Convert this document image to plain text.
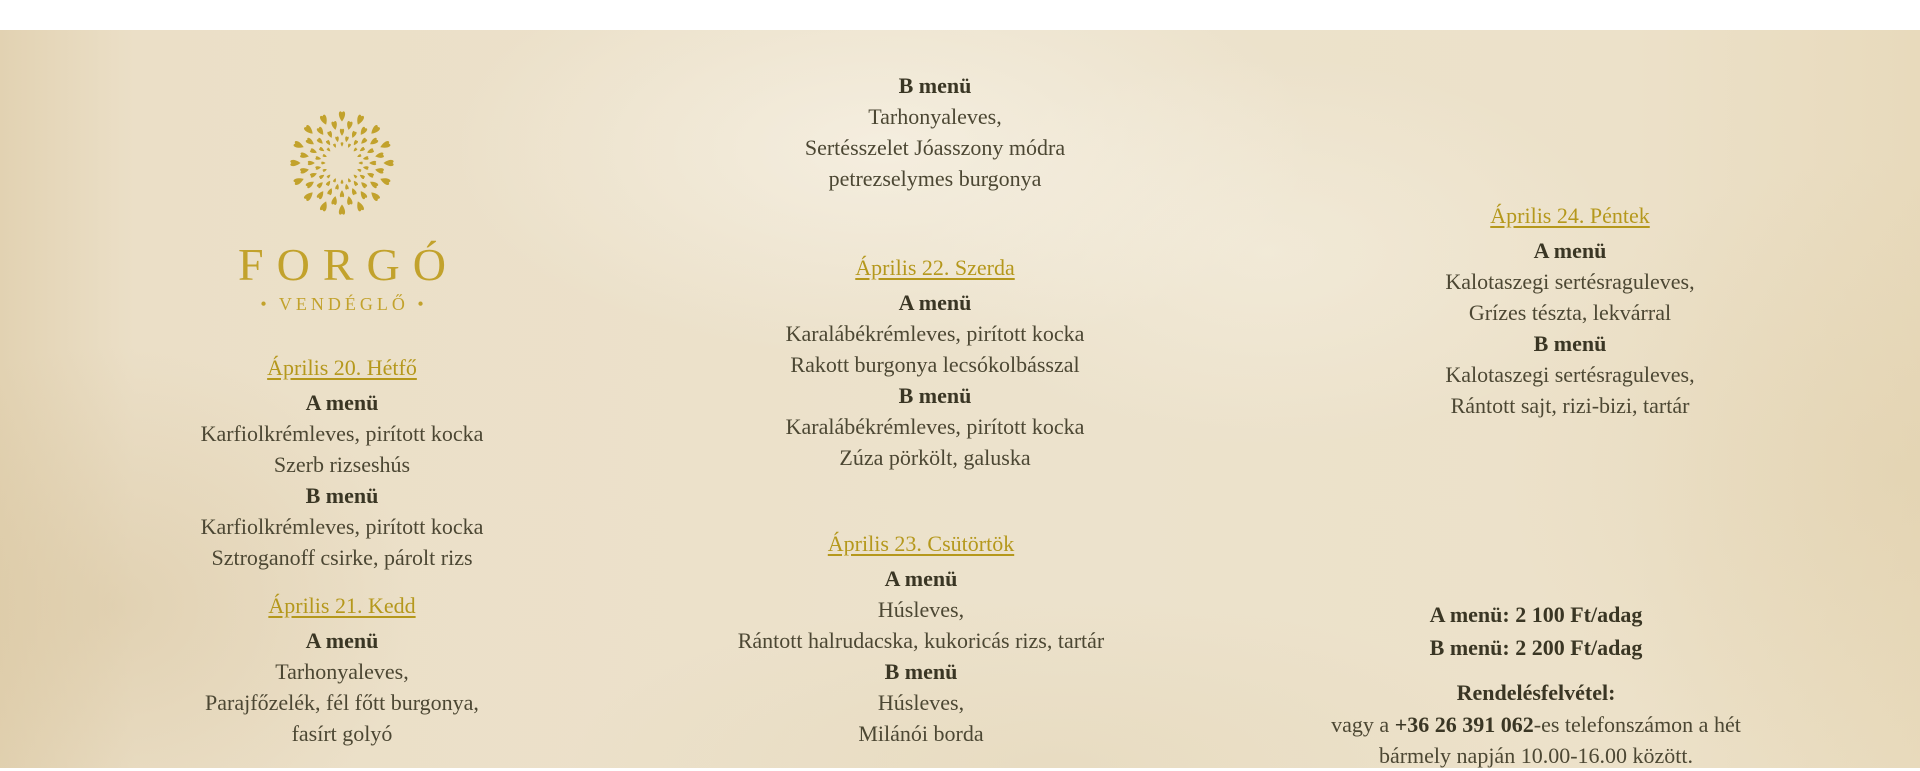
FORGÓ
• VENDÉGLŐ •
Április 20. Hétfő
A menü
Karfiolkrémleves, pirított kocka
Szerb rizseshús
B menü
Karfiolkrémleves, pirított kocka
Sztroganoff csirke, párolt rizs
Április 21. Kedd
A menü
Tarhonyaleves,
Parajfőzelék, fél főtt burgonya,
fasírt golyó
B menü
Tarhonyaleves,
Sertésszelet Jóasszony módra
petrezselymes burgonya
Április 22. Szerda
A menü
Karalábékrémleves, pirított kocka
Rakott burgonya lecsókolbásszal
B menü
Karalábékrémleves, pirított kocka
Zúza pörkölt, galuska
Április 23. Csütörtök
A menü
Húsleves,
Rántott halrudacska, kukoricás rizs, tartár
B menü
Húsleves,
Milánói borda
Április 24. Péntek
A menü
Kalotaszegi sertésraguleves,
Grízes tészta, lekvárral
B menü
Kalotaszegi sertésraguleves,
Rántott sajt, rizi-bizi, tartár
A menü: 2 100 Ft/adag
B menü: 2 200 Ft/adag
Rendelésfelvétel:
vagy a +36 26 391 062-es telefonszámon a hét
bármely napján 10.00-16.00 között.
